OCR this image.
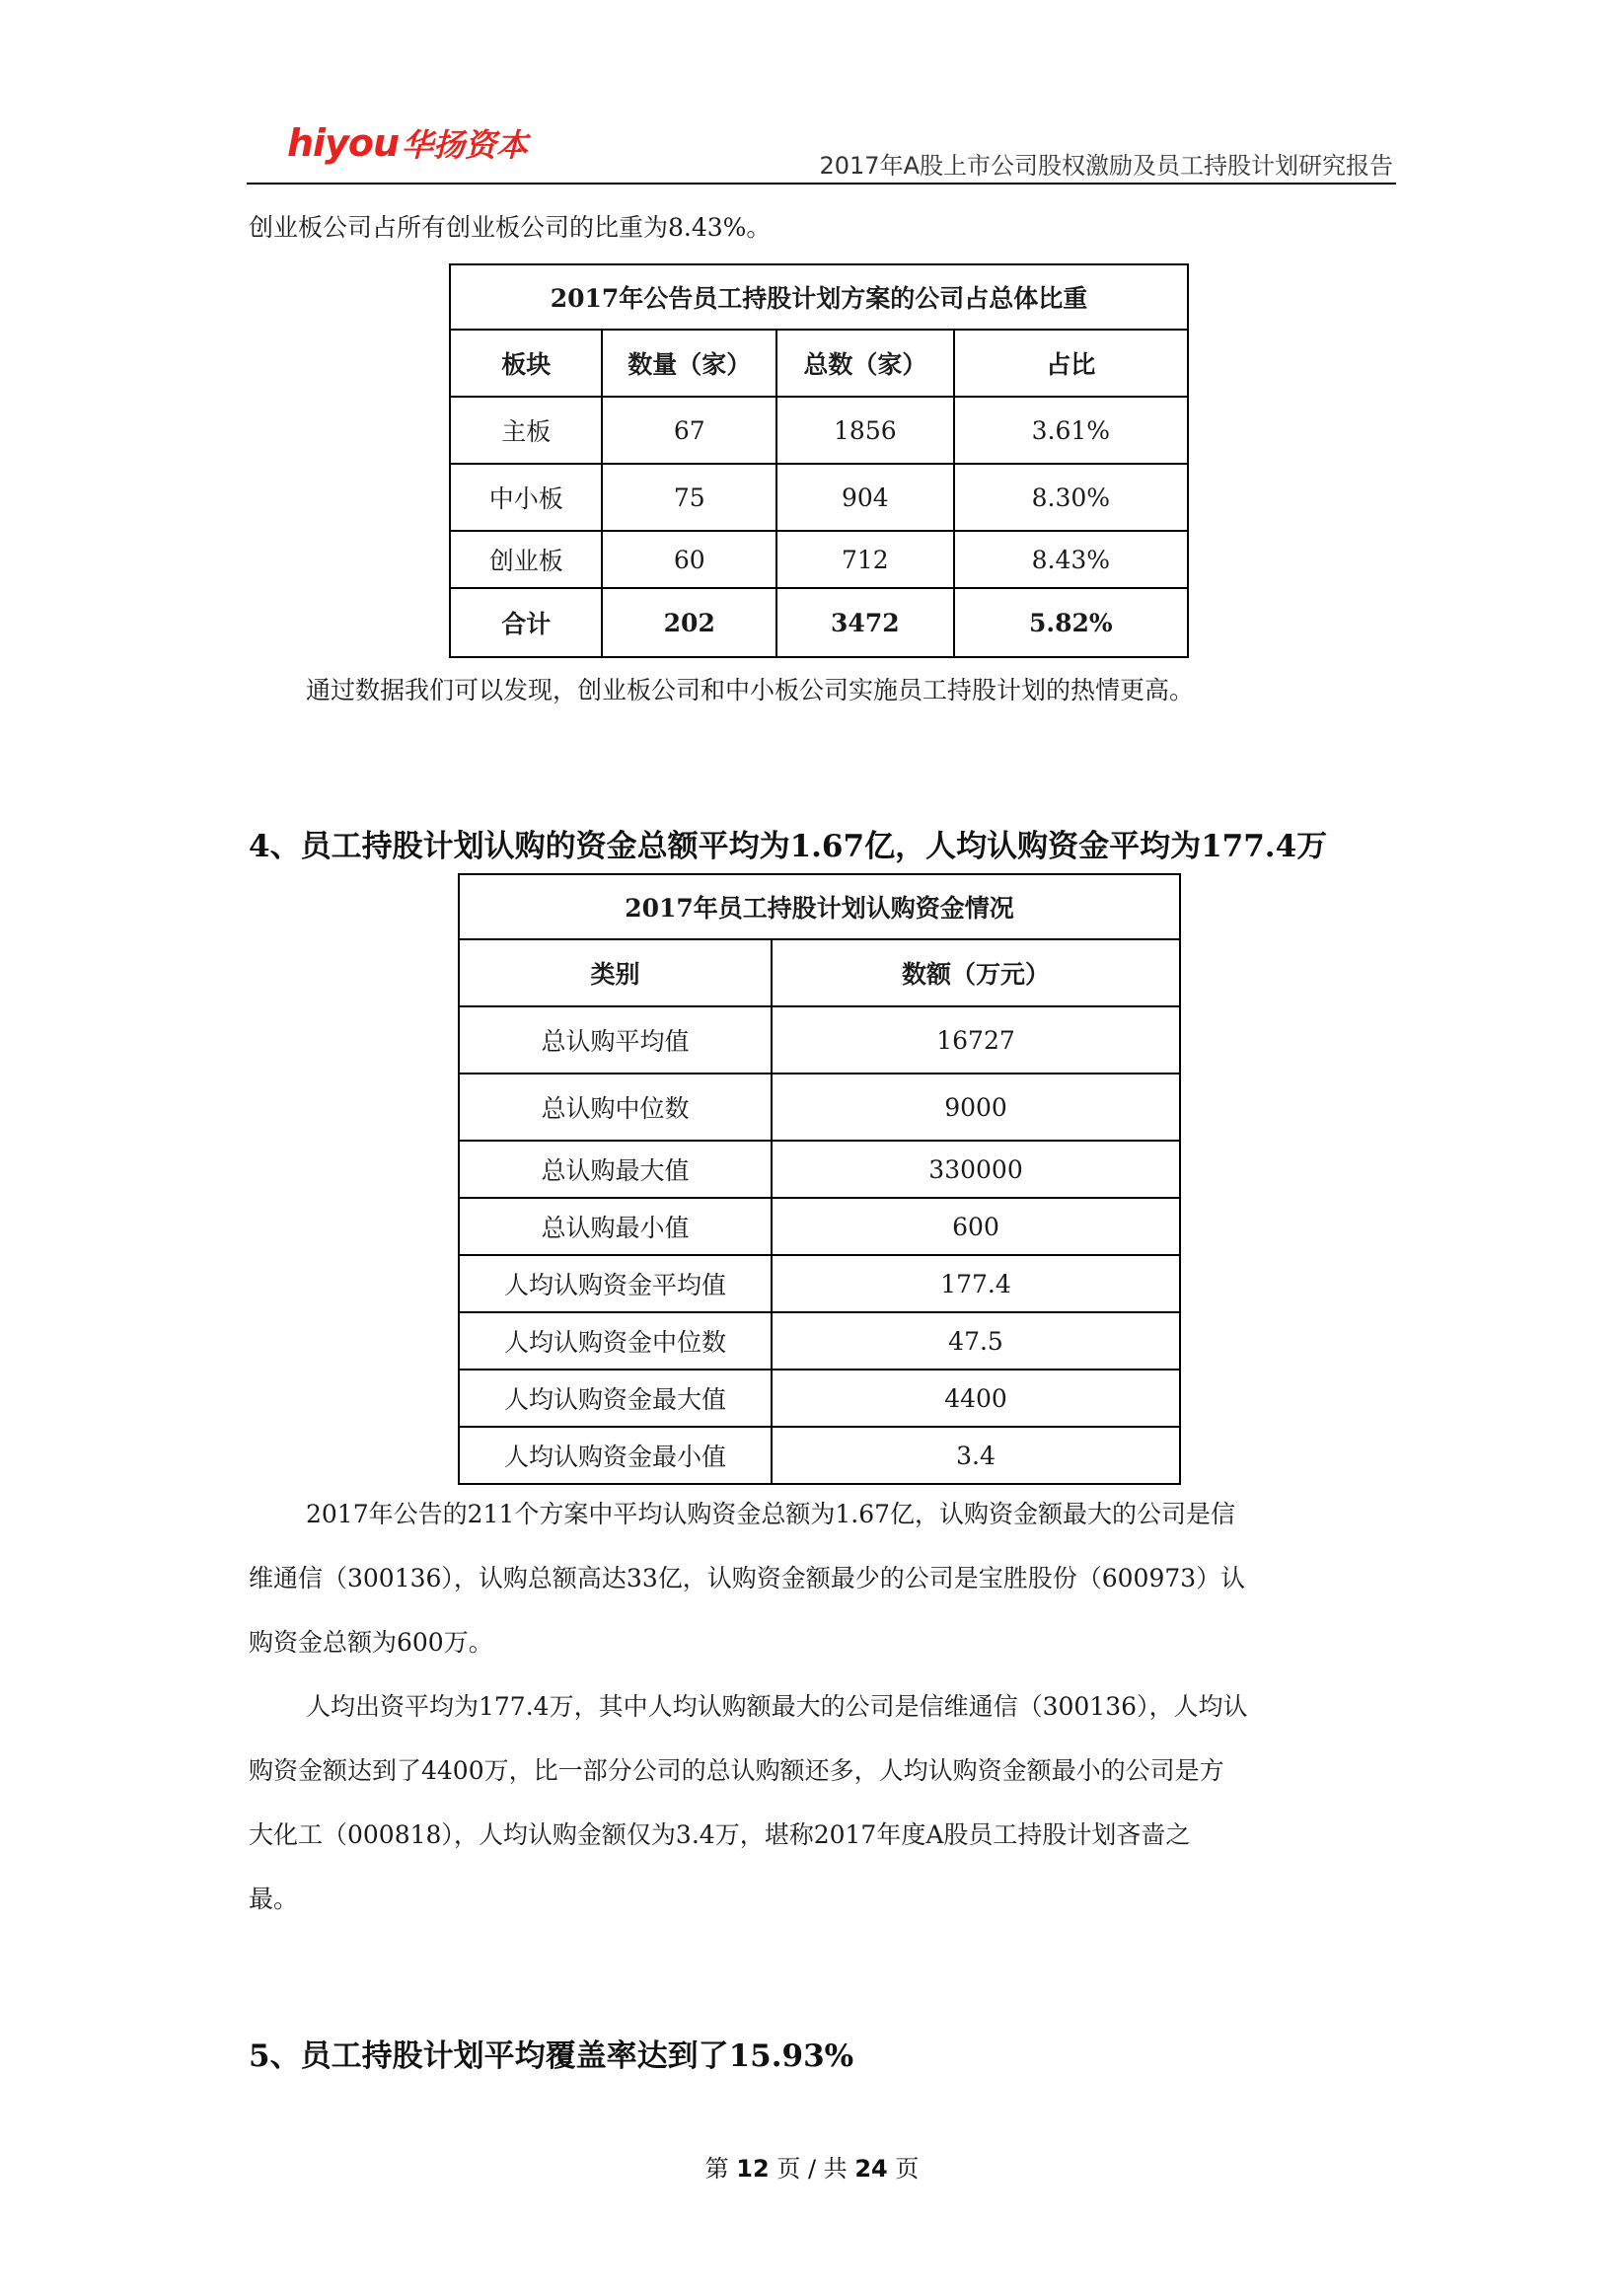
hiyou 华扬资本
2017年A股上市公司股权激励及员工持股计划研究报告
创业板公司占所有创业板公司的比重为8.43%。
2017年公告员工持股计划方案的公司占总体比重			
板块	数量（家）	总数（家）	占比
主板	67	1856	3.61%
中小板	75	904	8.30%
创业板	60	712	8.43%
合计	202	3472	5.82%
通过数据我们可以发现，创业板公司和中小板公司实施员工持股计划的热情更高。
4、员工持股计划认购的资金总额平均为1.67亿，人均认购资金平均为177.4万
2017年员工持股计划认购资金情况	
类别	数额（万元）
总认购平均值	16727
总认购中位数	9000
总认购最大值	330000
总认购最小值	600
人均认购资金平均值	177.4
人均认购资金中位数	47.5
人均认购资金最大值	4400
人均认购资金最小值	3.4
2017年公告的211个方案中平均认购资金总额为1.67亿，认购资金额最大的公司是信
维通信（300136），认购总额高达33亿，认购资金额最少的公司是宝胜股份（600973）认
购资金总额为600万。
人均出资平均为177.4万，其中人均认购额最大的公司是信维通信（300136），人均认
购资金额达到了4400万，比一部分公司的总认购额还多，人均认购资金额最小的公司是方
大化工（000818），人均认购金额仅为3.4万，堪称2017年度A股员工持股计划吝啬之
最。
5、员工持股计划平均覆盖率达到了15.93%
第 12 页 / 共 24 页
